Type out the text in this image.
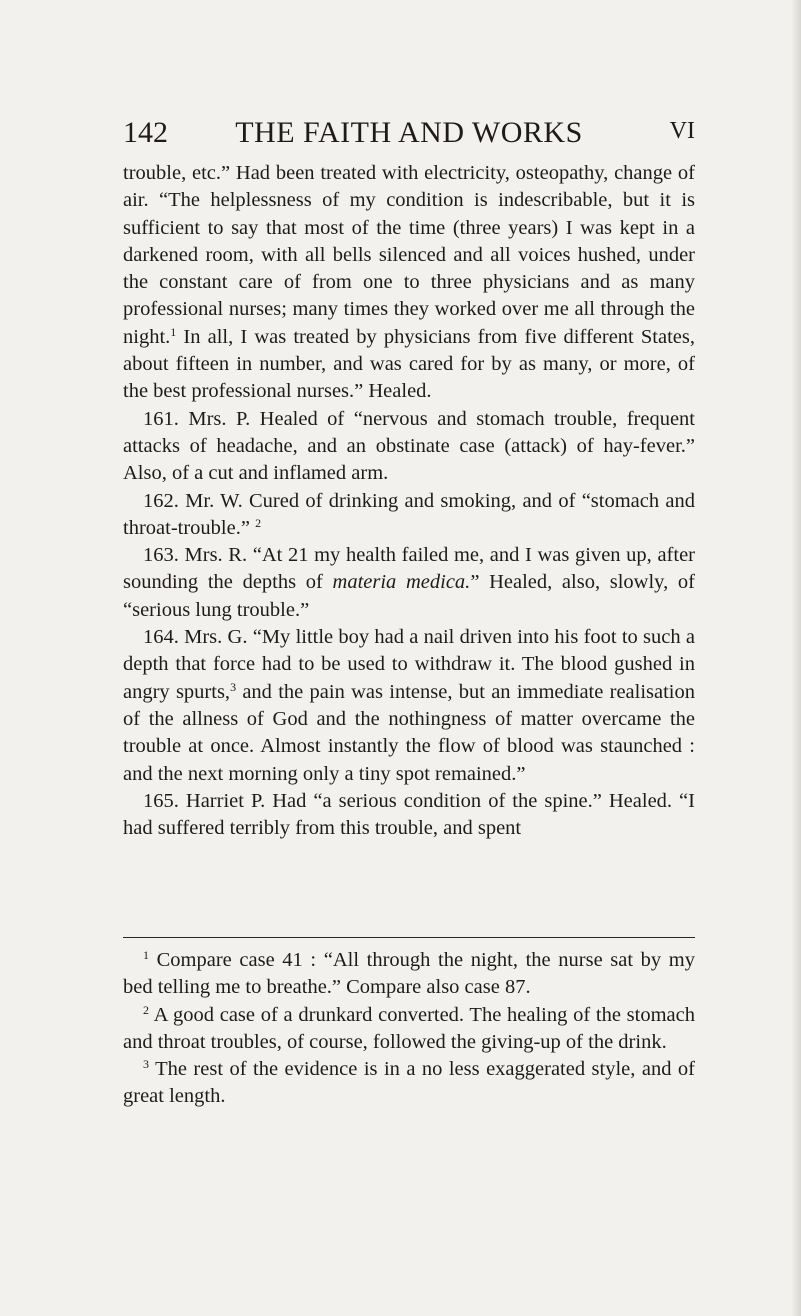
142	THE FAITH AND WORKS	VI

trouble, etc.” Had been treated with electricity, osteopathy, change of air. “The helplessness of my condition is indescribable, but it is sufficient to say that most of the time (three years) I was kept in a darkened room, with all bells silenced and all voices hushed, under the constant care of from one to three physicians and as many professional nurses; many times they worked over me all through the night.$^1$ In all, I was treated by physicians from five different States, about fifteen in number, and was cared for by as many, or more, of the best professional nurses.” Healed.

161. Mrs. P. Healed of “nervous and stomach trouble, frequent attacks of headache, and an obstinate case (attack) of hay-fever.” Also, of a cut and inflamed arm.

162. Mr. W. Cured of drinking and smoking, and of “stomach and throat-trouble.” $^2$

163. Mrs. R. “At 21 my health failed me, and I was given up, after sounding the depths of materia medica.” Healed, also, slowly, of “serious lung trouble.”

164. Mrs. G. “My little boy had a nail driven into his foot to such a depth that force had to be used to withdraw it. The blood gushed in angry spurts,$^3$ and the pain was intense, but an immediate realisation of the allness of God and the nothingness of matter overcame the trouble at once. Almost instantly the flow of blood was staunched : and the next morning only a tiny spot remained.”

165. Harriet P. Had “a serious condition of the spine.” Healed. “I had suffered terribly from this trouble, and spent

$^1$ Compare case 41 : “All through the night, the nurse sat by my bed telling me to breathe.” Compare also case 87.

$^2$ A good case of a drunkard converted. The healing of the stomach and throat troubles, of course, followed the giving-up of the drink.

$^3$ The rest of the evidence is in a no less exaggerated style, and of great length.
